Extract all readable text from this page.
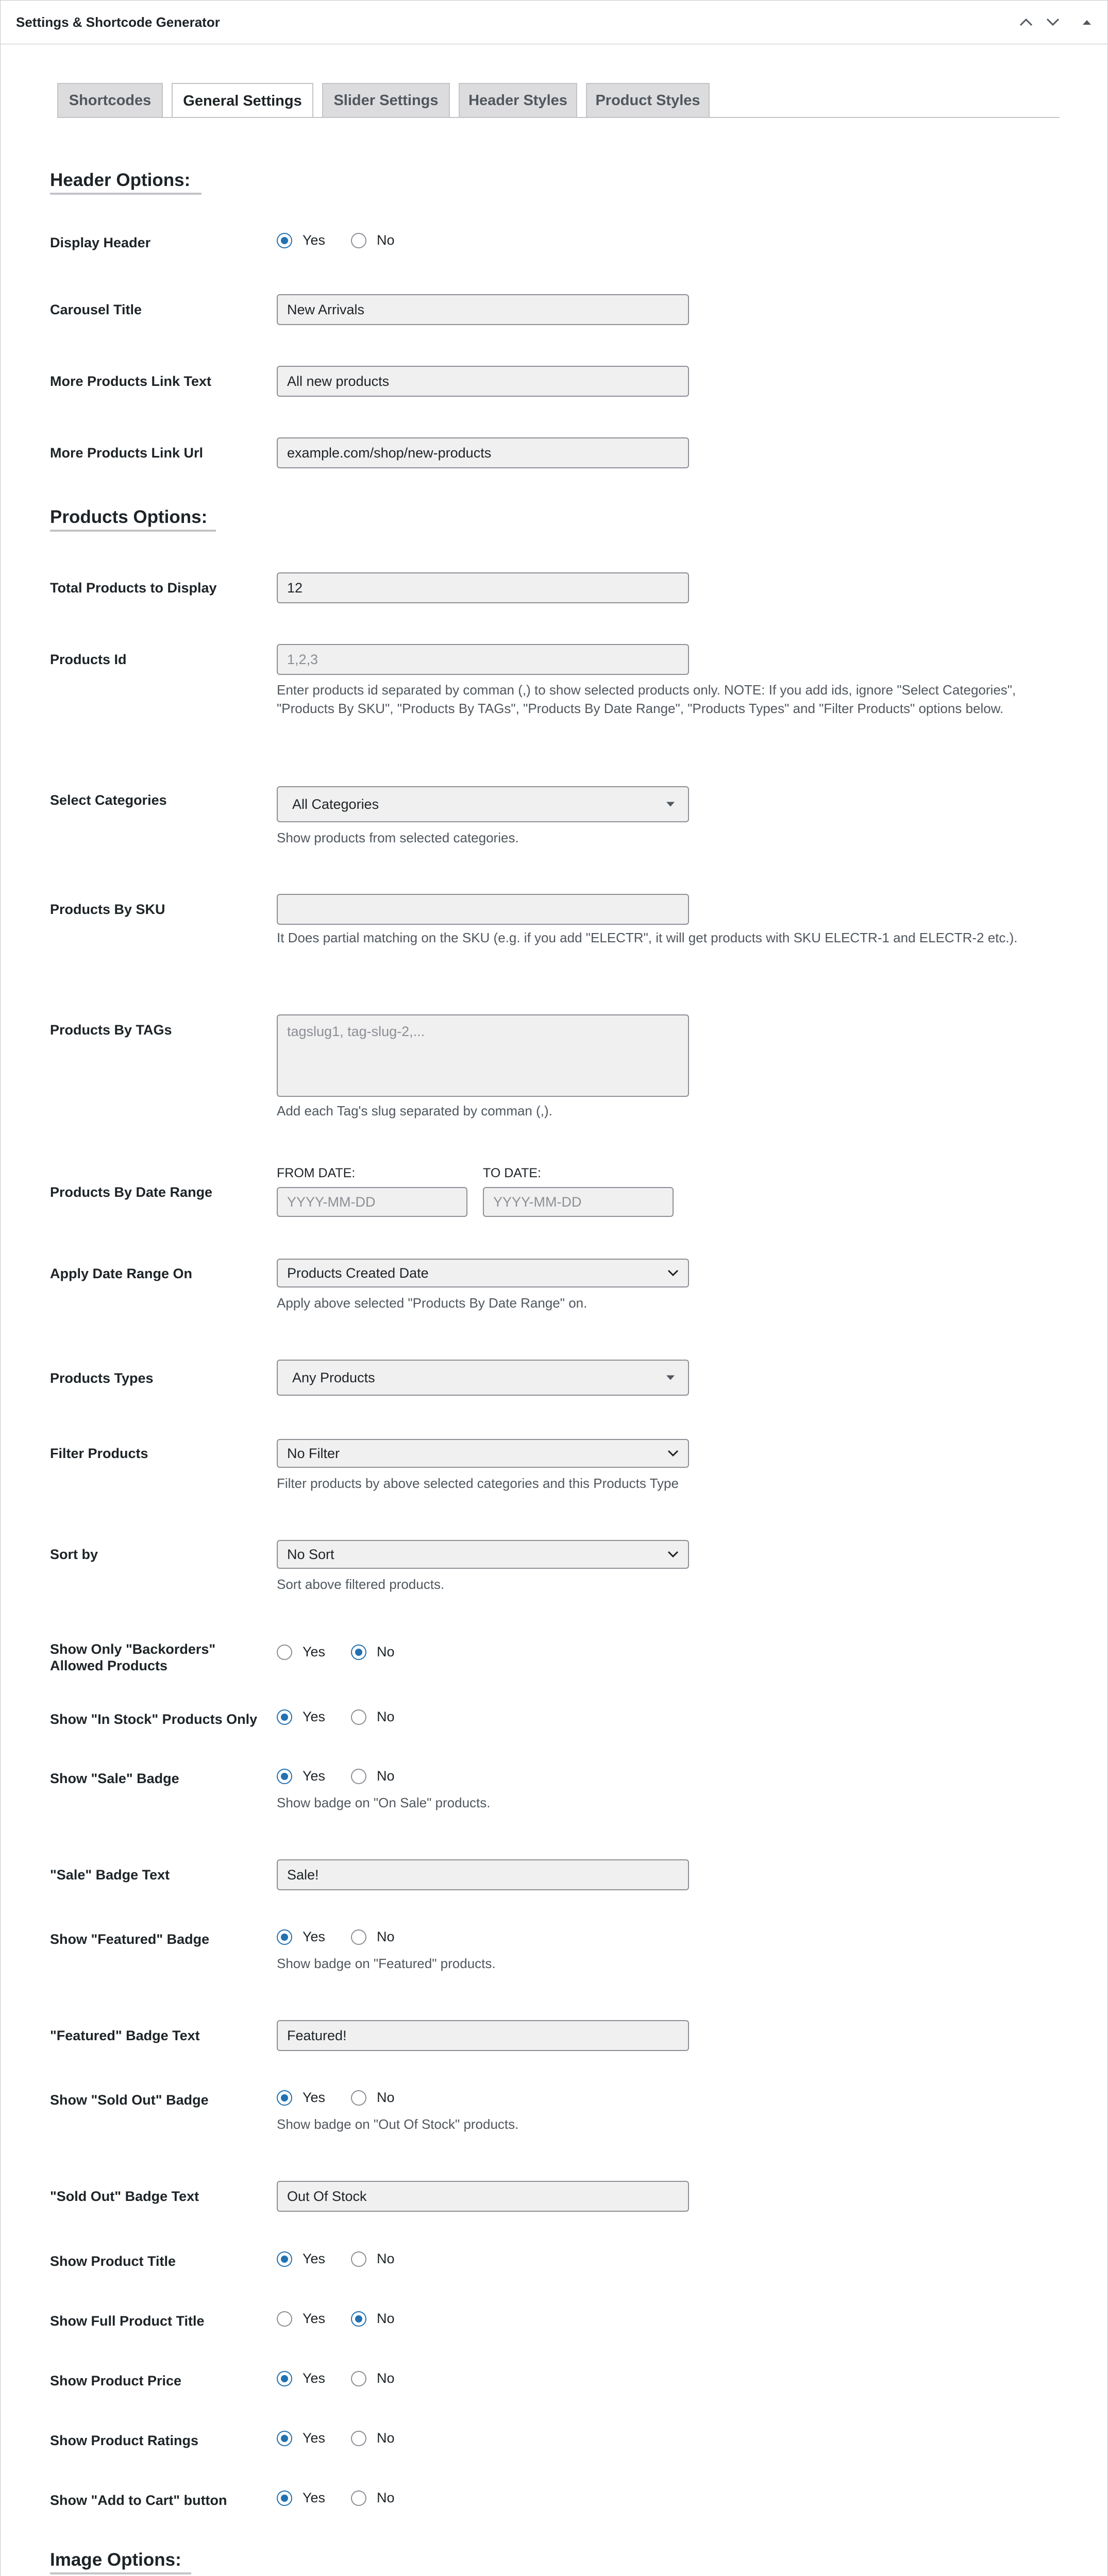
Settings & Shortcode Generator
Shortcodes	General Settings	Slider Settings	Header Styles	Product Styles
Header Options:
Display Header	Yes	No
Carousel Title	New Arrivals
More Products Link Text	All new products
More Products Link Url	example.com/shop/new-products
Products Options:
Total Products to Display	12
Products Id	1,2,3
Enter products id separated by comman (,) to show selected products only. NOTE: If you add ids, ignore "Select Categories", "Products By SKU", "Products By TAGs", "Products By Date Range", "Products Types" and "Filter Products" options below.
Select Categories	All Categories
Show products from selected categories.
Products By SKU
It Does partial matching on the SKU (e.g. if you add "ELECTR", it will get products with SKU ELECTR-1 and ELECTR-2 etc.).
Products By TAGs	tagslug1, tag-slug-2,...
Add each Tag's slug separated by comman (,).
Products By Date Range
FROM DATE:	TO DATE:
YYYY-MM-DD	YYYY-MM-DD
Apply Date Range On	Products Created Date
Apply above selected "Products By Date Range" on.
Products Types	Any Products
Filter Products	No Filter
Filter products by above selected categories and this Products Type
Sort by	No Sort
Sort above filtered products.
Show Only "Backorders"
Allowed Products
Yes	No
Show "In Stock" Products Only	Yes	No
Show "Sale" Badge	Yes	No
Show badge on "On Sale" products.
"Sale" Badge Text	Sale!
Show "Featured" Badge	Yes	No
Show badge on "Featured" products.
"Featured" Badge Text	Featured!
Show "Sold Out" Badge	Yes	No
Show badge on "Out Of Stock" products.
"Sold Out" Badge Text	Out Of Stock
Show Product Title	Yes	No
Show Full Product Title	Yes	No
Show Product Price	Yes	No
Show Product Ratings	Yes	No
Show "Add to Cart" button	Yes	No
Image Options:
